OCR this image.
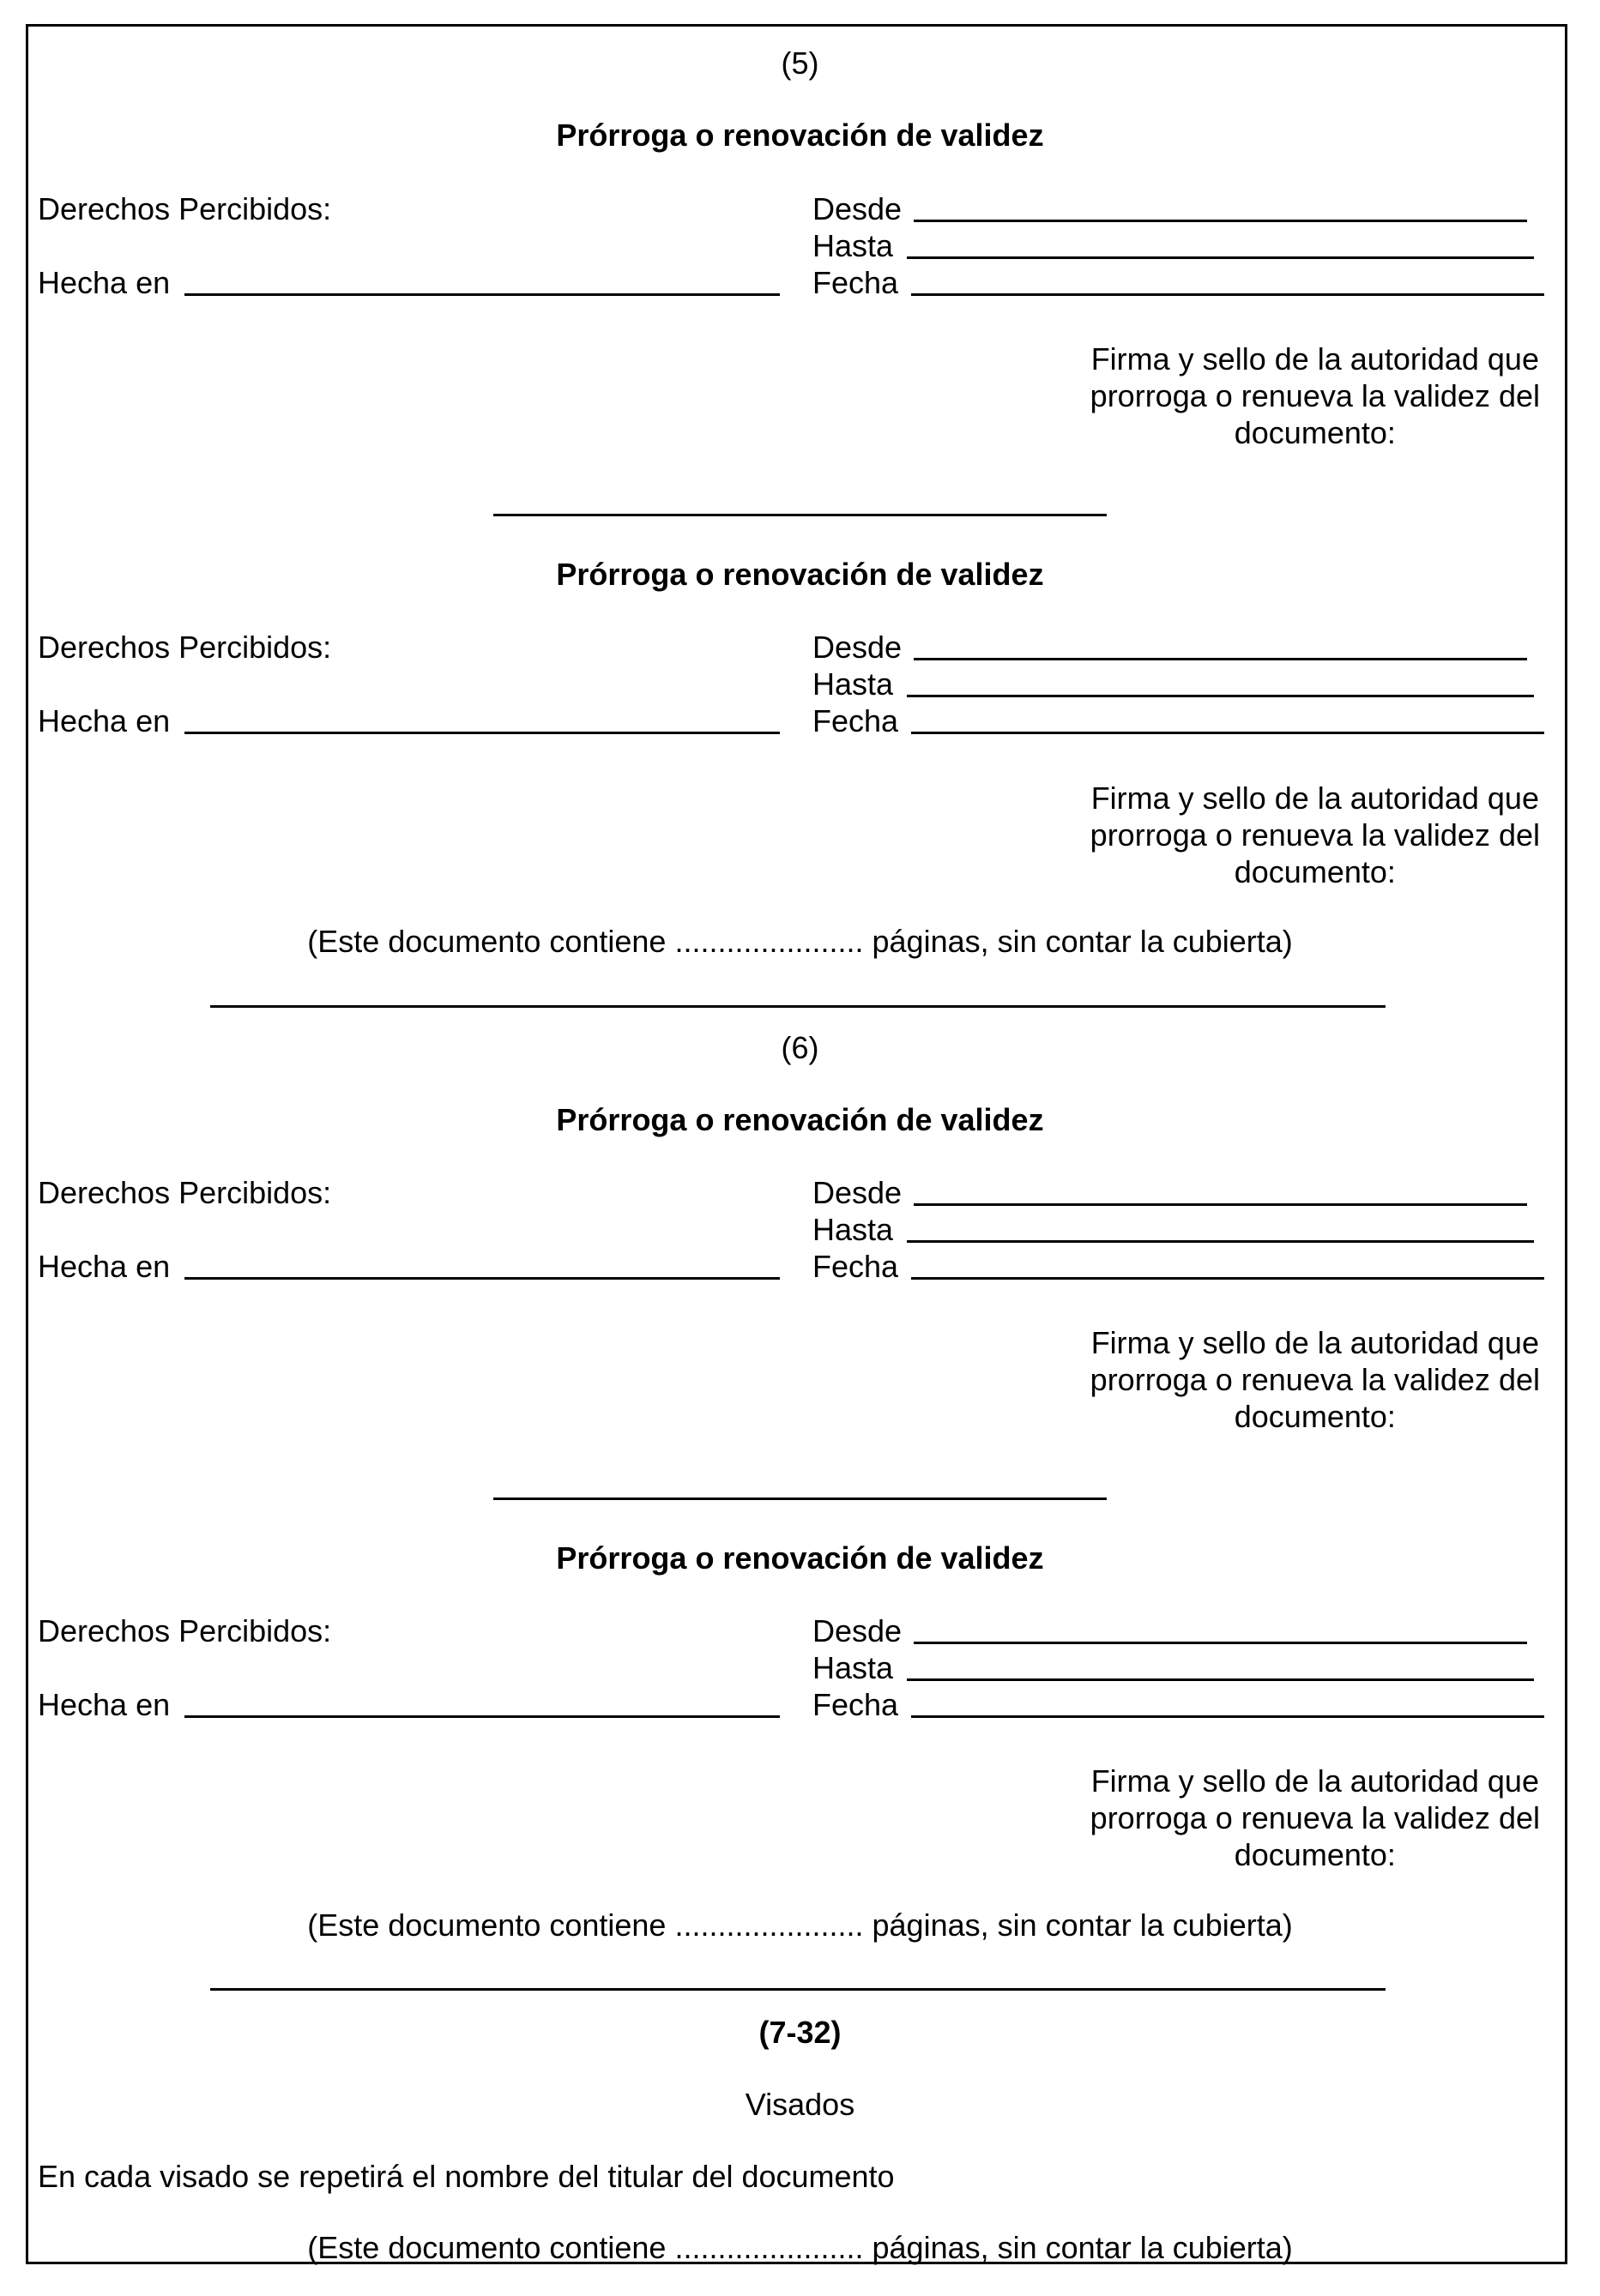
(5)
Prórroga o renovación de validez
Derechos Percibidos:	Desde
Hasta
Hecha en	Fecha
Firma y sello de la autoridad que
prorroga o renueva la validez del
documento:
Prórroga o renovación de validez
Derechos Percibidos:	Desde
Hasta
Hecha en	Fecha
Firma y sello de la autoridad que
prorroga o renueva la validez del
documento:
(Este documento contiene ...................... páginas, sin contar la cubierta)
(6)
Prórroga o renovación de validez
Derechos Percibidos:	Desde
Hasta
Hecha en	Fecha
Firma y sello de la autoridad que
prorroga o renueva la validez del
documento:
Prórroga o renovación de validez
Derechos Percibidos:	Desde
Hasta
Hecha en	Fecha
Firma y sello de la autoridad que
prorroga o renueva la validez del
documento:
(Este documento contiene ...................... páginas, sin contar la cubierta)
(7-32)
Visados
En cada visado se repetirá el nombre del titular del documento
(Este documento contiene ...................... páginas, sin contar la cubierta)
